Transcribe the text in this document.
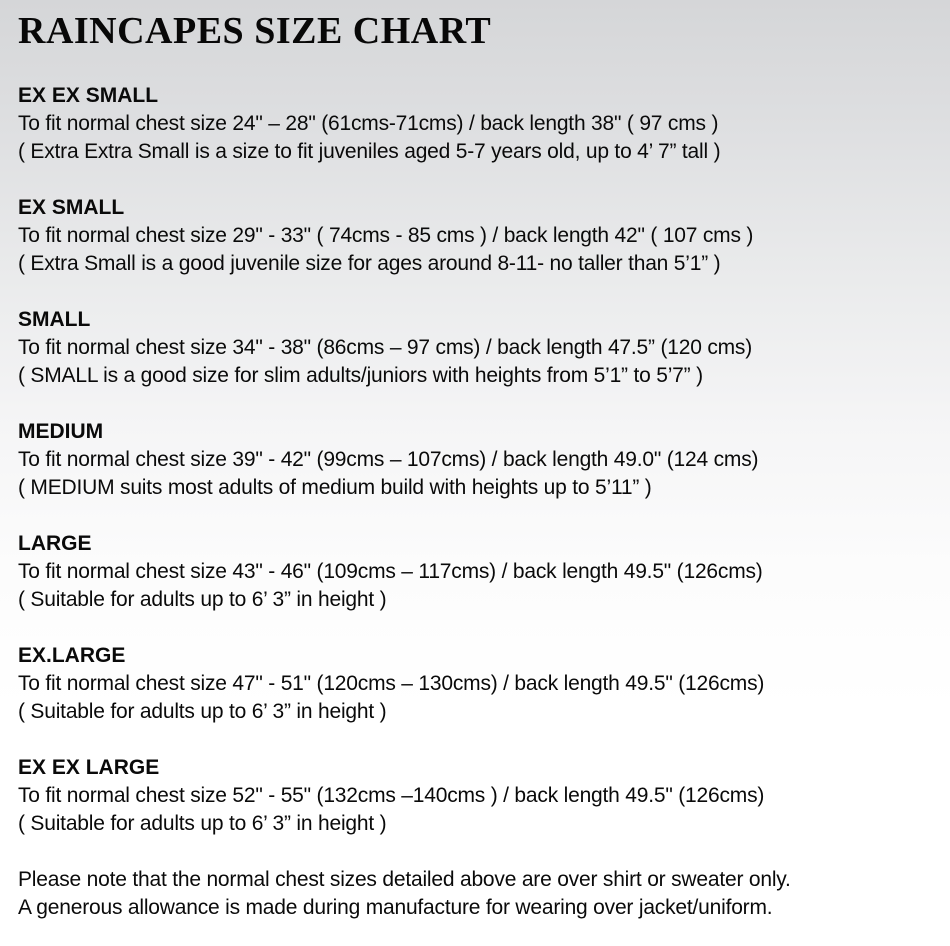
RAINCAPES SIZE CHART
EX EX SMALL
To fit normal chest size 24" – 28" (61cms-71cms) / back length 38" ( 97 cms )
( Extra Extra Small is a size to fit juveniles aged 5-7 years old, up to 4’ 7” tall )
EX SMALL
To fit normal chest size 29" - 33" ( 74cms - 85 cms ) / back length 42" ( 107 cms )
( Extra Small is a good juvenile size for ages around 8-11- no taller than 5’1” )
SMALL
To fit normal chest size 34" - 38" (86cms – 97 cms) / back length 47.5” (120 cms)
( SMALL is a good size for slim adults/juniors with heights from 5’1” to 5’7” )
MEDIUM
To fit normal chest size 39" - 42" (99cms – 107cms) / back length 49.0" (124 cms)
( MEDIUM suits most adults of medium build with heights up to 5’11” )
LARGE
To fit normal chest size 43" - 46" (109cms – 117cms) / back length 49.5" (126cms)
( Suitable for adults up to 6’ 3” in height )
EX.LARGE
To fit normal chest size 47" - 51" (120cms – 130cms) / back length 49.5" (126cms)
( Suitable for adults up to 6’ 3” in height )
EX EX LARGE
To fit normal chest size 52" - 55" (132cms –140cms ) / back length 49.5" (126cms)
( Suitable for adults up to 6’ 3” in height )
Please note that the normal chest sizes detailed above are over shirt or sweater only.
A generous allowance is made during manufacture for wearing over jacket/uniform.
